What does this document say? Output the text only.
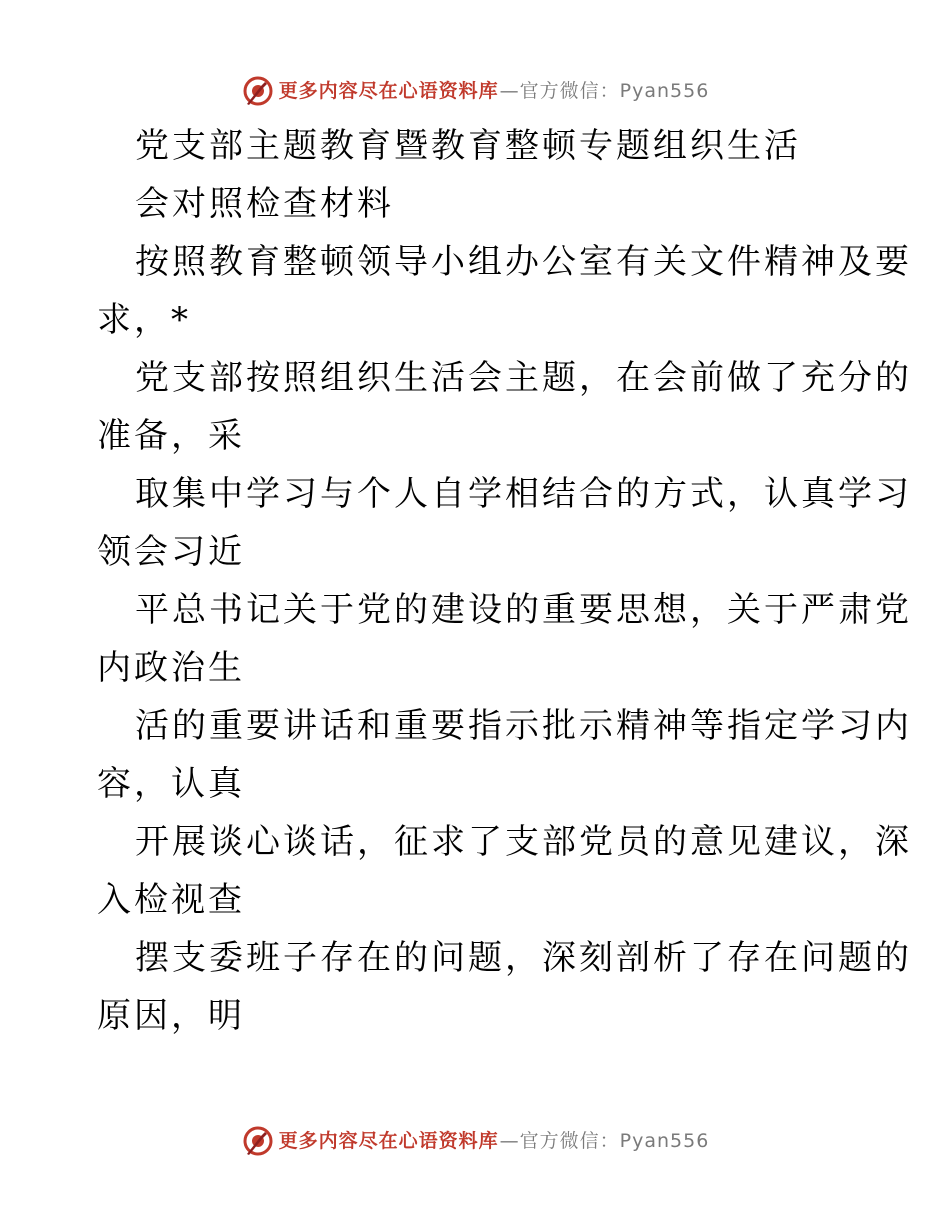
更多内容尽在心语资料库 — 官方微信：Pyan556
党支部主题教育暨教育整顿专题组织生活
会对照检查材料
按照教育整顿领导小组办公室有关文件精神及要
求，*
党支部按照组织生活会主题，在会前做了充分的
准备，采
取集中学习与个人自学相结合的方式，认真学习
领会习近
平总书记关于党的建设的重要思想，关于严肃党
内政治生
活的重要讲话和重要指示批示精神等指定学习内
容，认真
开展谈心谈话，征求了支部党员的意见建议，深
入检视查
摆支委班子存在的问题，深刻剖析了存在问题的
原因，明
更多内容尽在心语资料库 — 官方微信：Pyan556
